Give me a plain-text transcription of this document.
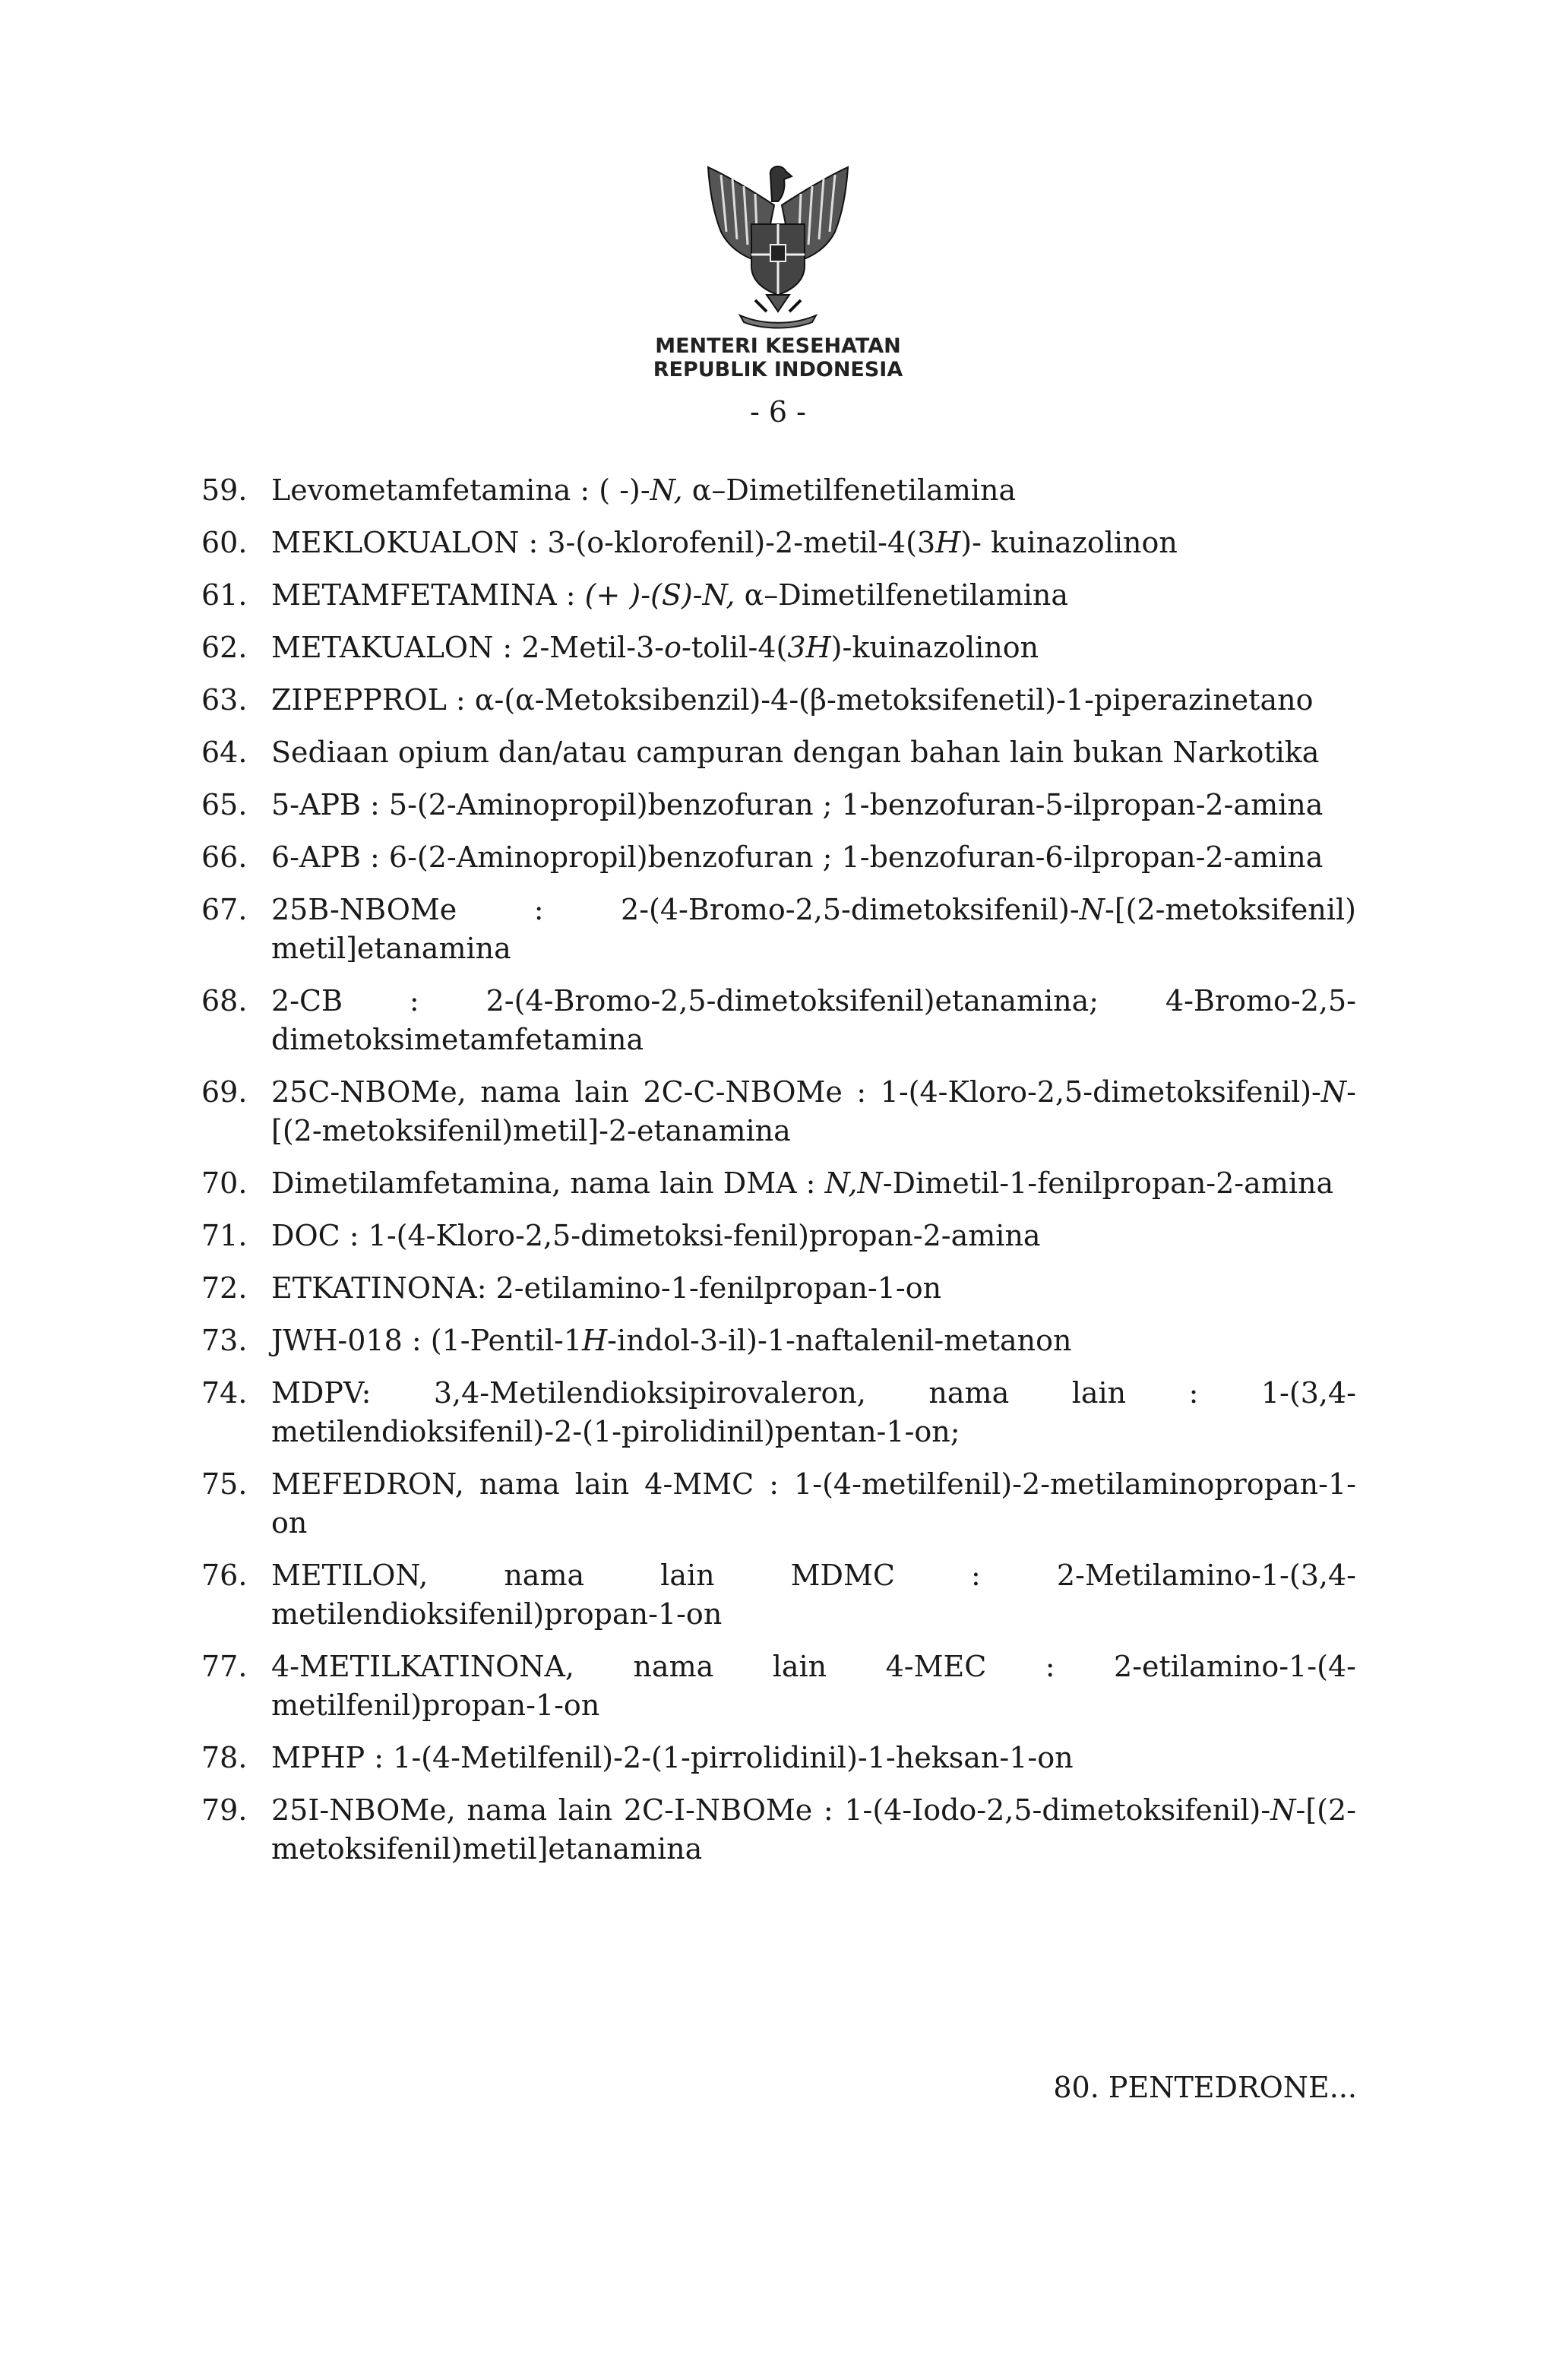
MENTERI KESEHATAN
REPUBLIK INDONESIA
- 6 -
59. Levometamfetamina : ( -)-N, α–Dimetilfenetilamina
60. MEKLOKUALON : 3-(o-klorofenil)-2-metil-4(3H)- kuinazolinon
61. METAMFETAMINA : (+ )-(S)-N, α–Dimetilfenetilamina
62. METAKUALON : 2-Metil-3-o-tolil-4(3H)-kuinazolinon
63. ZIPEPPROL : α-(α-Metoksibenzil)-4-(β-metoksifenetil)-1-piperazinetano
64. Sediaan opium dan/atau campuran dengan bahan lain bukan Narkotika
65. 5-APB : 5-(2-Aminopropil)benzofuran ; 1-benzofuran-5-ilpropan-2-amina
66. 6-APB : 6-(2-Aminopropil)benzofuran ; 1-benzofuran-6-ilpropan-2-amina
67. 25B-NBOMe : 2-(4-Bromo-2,5-dimetoksifenil)-N-[(2-metoksifenil) metil]etanamina
68. 2-CB : 2-(4-Bromo-2,5-dimetoksifenil)etanamina; 4-Bromo-2,5-dimetoksimetamfetamina
69. 25C-NBOMe, nama lain 2C-C-NBOMe : 1-(4-Kloro-2,5-dimetoksifenil)-N-[(2-metoksifenil)metil]-2-etanamina
70. Dimetilamfetamina, nama lain DMA : N,N-Dimetil-1-fenilpropan-2-amina
71. DOC : 1-(4-Kloro-2,5-dimetoksi-fenil)propan-2-amina
72. ETKATINONA: 2-etilamino-1-fenilpropan-1-on
73. JWH-018 : (1-Pentil-1H-indol-3-il)-1-naftalenil-metanon
74. MDPV: 3,4-Metilendioksipirovaleron, nama lain : 1-(3,4-metilendioksifenil)-2-(1-pirolidinil)pentan-1-on;
75. MEFEDRON, nama lain 4-MMC : 1-(4-metilfenil)-2-metilaminopropan-1-on
76. METILON, nama lain MDMC : 2-Metilamino-1-(3,4-metilendioksifenil)propan-1-on
77. 4-METILKATINONA, nama lain 4-MEC : 2-etilamino-1-(4-metilfenil)propan-1-on
78. MPHP : 1-(4-Metilfenil)-2-(1-pirrolidinil)-1-heksan-1-on
79. 25I-NBOMe, nama lain 2C-I-NBOMe : 1-(4-Iodo-2,5-dimetoksifenil)-N-[(2-metoksifenil)metil]etanamina
80. PENTEDRONE...
